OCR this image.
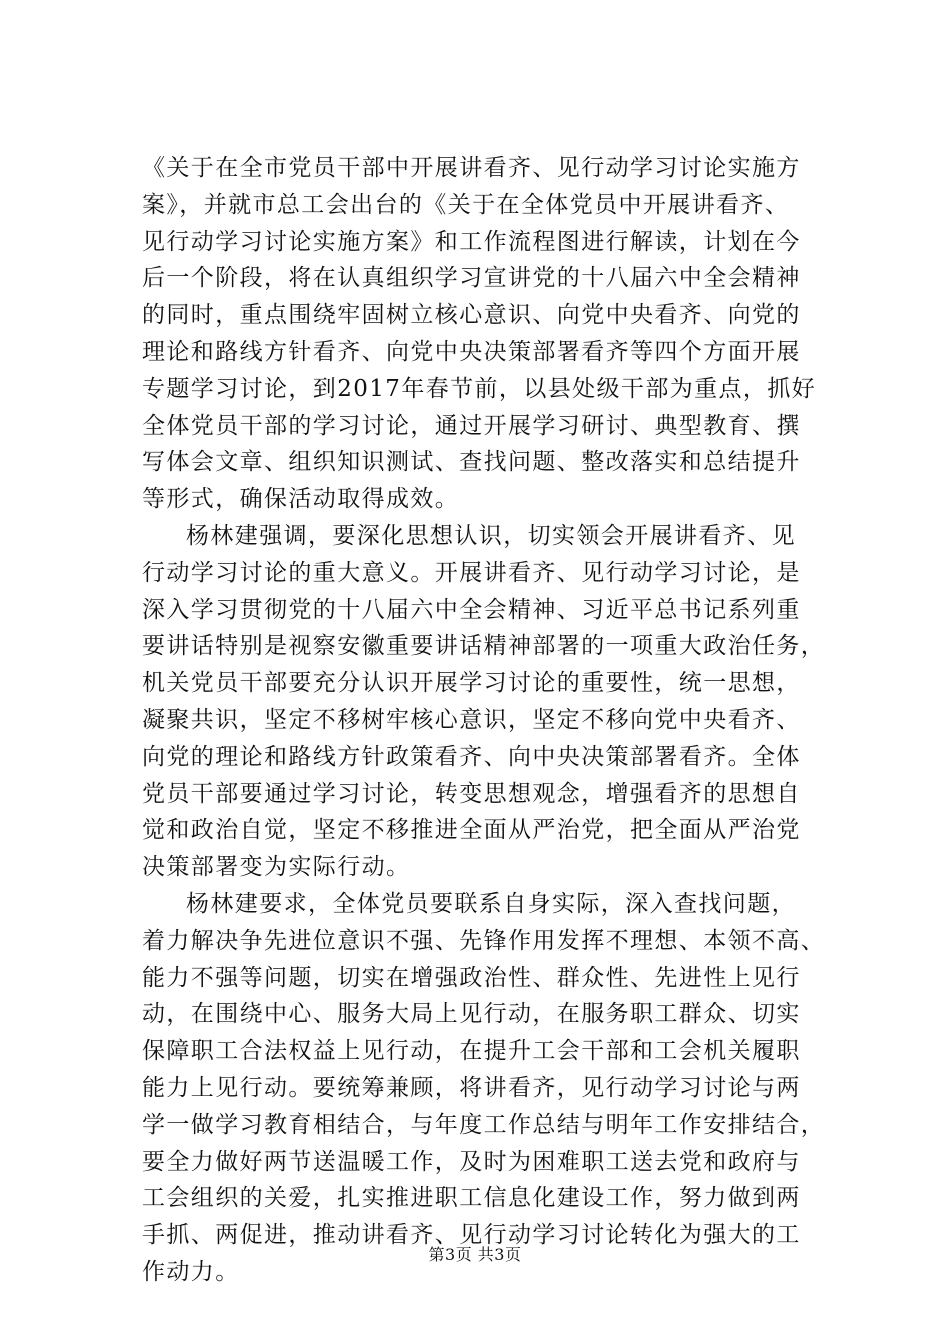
《关于在全市党员干部中开展讲看齐、见行动学习讨论实施方
案》，并就市总工会出台的《关于在全体党员中开展讲看齐、
见行动学习讨论实施方案》和工作流程图进行解读，计划在今
后一个阶段，将在认真组织学习宣讲党的十八届六中全会精神
的同时，重点围绕牢固树立核心意识、向党中央看齐、向党的
理论和路线方针看齐、向党中央决策部署看齐等四个方面开展
专题学习讨论，到2017年春节前，以县处级干部为重点，抓好
全体党员干部的学习讨论，通过开展学习研讨、典型教育、撰
写体会文章、组织知识测试、查找问题、整改落实和总结提升
等形式，确保活动取得成效。
杨林建强调，要深化思想认识，切实领会开展讲看齐、见
行动学习讨论的重大意义。开展讲看齐、见行动学习讨论，是
深入学习贯彻党的十八届六中全会精神、习近平总书记系列重
要讲话特别是视察安徽重要讲话精神部署的一项重大政治任务，
机关党员干部要充分认识开展学习讨论的重要性，统一思想，
凝聚共识，坚定不移树牢核心意识，坚定不移向党中央看齐、
向党的理论和路线方针政策看齐、向中央决策部署看齐。全体
党员干部要通过学习讨论，转变思想观念，增强看齐的思想自
觉和政治自觉，坚定不移推进全面从严治党，把全面从严治党
决策部署变为实际行动。
杨林建要求，全体党员要联系自身实际，深入查找问题，
着力解决争先进位意识不强、先锋作用发挥不理想、本领不高、
能力不强等问题，切实在增强政治性、群众性、先进性上见行
动，在围绕中心、服务大局上见行动，在服务职工群众、切实
保障职工合法权益上见行动，在提升工会干部和工会机关履职
能力上见行动。要统筹兼顾，将讲看齐，见行动学习讨论与两
学一做学习教育相结合，与年度工作总结与明年工作安排结合，
要全力做好两节送温暖工作，及时为困难职工送去党和政府与
工会组织的关爱，扎实推进职工信息化建设工作，努力做到两
手抓、两促进，推动讲看齐、见行动学习讨论转化为强大的工
作动力。
第3页 共3页
